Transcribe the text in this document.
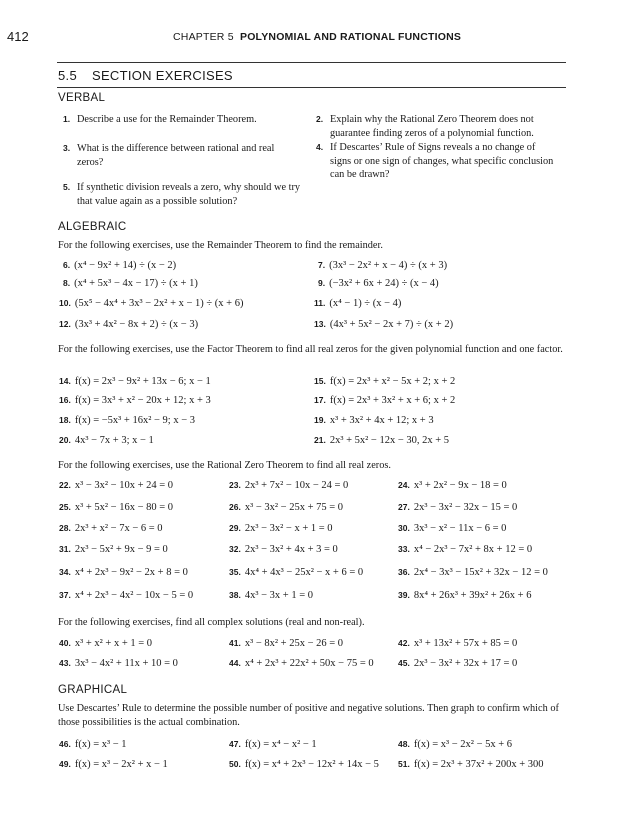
412	CHAPTER 5 POLYNOMIAL AND RATIONAL FUNCTIONS
5.5 SECTION EXERCISES
VERBAL
1. Describe a use for the Remainder Theorem.	2. Explain why the Rational Zero Theorem does not guarantee finding zeros of a polynomial function.
3. What is the difference between rational and real zeros?
4. If Descartes’ Rule of Signs reveals a no change of signs or one sign of changes, what specific conclusion can be drawn?
5. If synthetic division reveals a zero, why should we try that value again as a possible solution?
ALGEBRAIC
For the following exercises, use the Remainder Theorem to find the remainder.
6. (x⁴ − 9x² + 14) ÷ (x − 2)	7. (3x³ − 2x² + x − 4) ÷ (x + 3)
8. (x⁴ + 5x³ − 4x − 17) ÷ (x + 1)	9. (−3x² + 6x + 24) ÷ (x − 4)
10. (5x⁵ − 4x⁴ + 3x³ − 2x² + x − 1) ÷ (x + 6)	11. (x⁴ − 1) ÷ (x − 4)
12. (3x³ + 4x² − 8x + 2) ÷ (x − 3)	13. (4x³ + 5x² − 2x + 7) ÷ (x + 2)
For the following exercises, use the Factor Theorem to find all real zeros for the given polynomial function and one factor.
14. f(x) = 2x³ − 9x² + 13x − 6; x − 1	15. f(x) = 2x³ + x² − 5x + 2; x + 2
16. f(x) = 3x³ + x² − 20x + 12; x + 3	17. f(x) = 2x³ + 3x² + x + 6; x + 2
18. f(x) = −5x³ + 16x² − 9; x − 3	19. x³ + 3x² + 4x + 12; x + 3
20. 4x³ − 7x + 3; x − 1	21. 2x³ + 5x² − 12x − 30, 2x + 5
For the following exercises, use the Rational Zero Theorem to find all real zeros.
22. x³ − 3x² − 10x + 24 = 0	23. 2x³ + 7x² − 10x − 24 = 0	24. x³ + 2x² − 9x − 18 = 0
25. x³ + 5x² − 16x − 80 = 0	26. x³ − 3x² − 25x + 75 = 0	27. 2x³ − 3x² − 32x − 15 = 0
28. 2x³ + x² − 7x − 6 = 0	29. 2x³ − 3x² − x + 1 = 0	30. 3x³ − x² − 11x − 6 = 0
31. 2x³ − 5x² + 9x − 9 = 0	32. 2x³ − 3x² + 4x + 3 = 0	33. x⁴ − 2x³ − 7x² + 8x + 12 = 0
34. x⁴ + 2x³ − 9x² − 2x + 8 = 0	35. 4x⁴ + 4x³ − 25x² − x + 6 = 0	36. 2x⁴ − 3x³ − 15x² + 32x − 12 = 0
37. x⁴ + 2x³ − 4x² − 10x − 5 = 0	38. 4x³ − 3x + 1 = 0	39. 8x⁴ + 26x³ + 39x² + 26x + 6
For the following exercises, find all complex solutions (real and non-real).
40. x³ + x² + x + 1 = 0	41. x³ − 8x² + 25x − 26 = 0	42. x³ + 13x² + 57x + 85 = 0
43. 3x³ − 4x² + 11x + 10 = 0	44. x⁴ + 2x³ + 22x² + 50x − 75 = 0	45. 2x³ − 3x² + 32x + 17 = 0
GRAPHICAL
Use Descartes’ Rule to determine the possible number of positive and negative solutions. Then graph to confirm which of those possibilities is the actual combination.
46. f(x) = x³ − 1	47. f(x) = x⁴ − x² − 1	48. f(x) = x³ − 2x² − 5x + 6
49. f(x) = x³ − 2x² + x − 1	50. f(x) = x⁴ + 2x³ − 12x² + 14x − 5 51. f(x) = 2x³ + 37x² + 200x + 300
